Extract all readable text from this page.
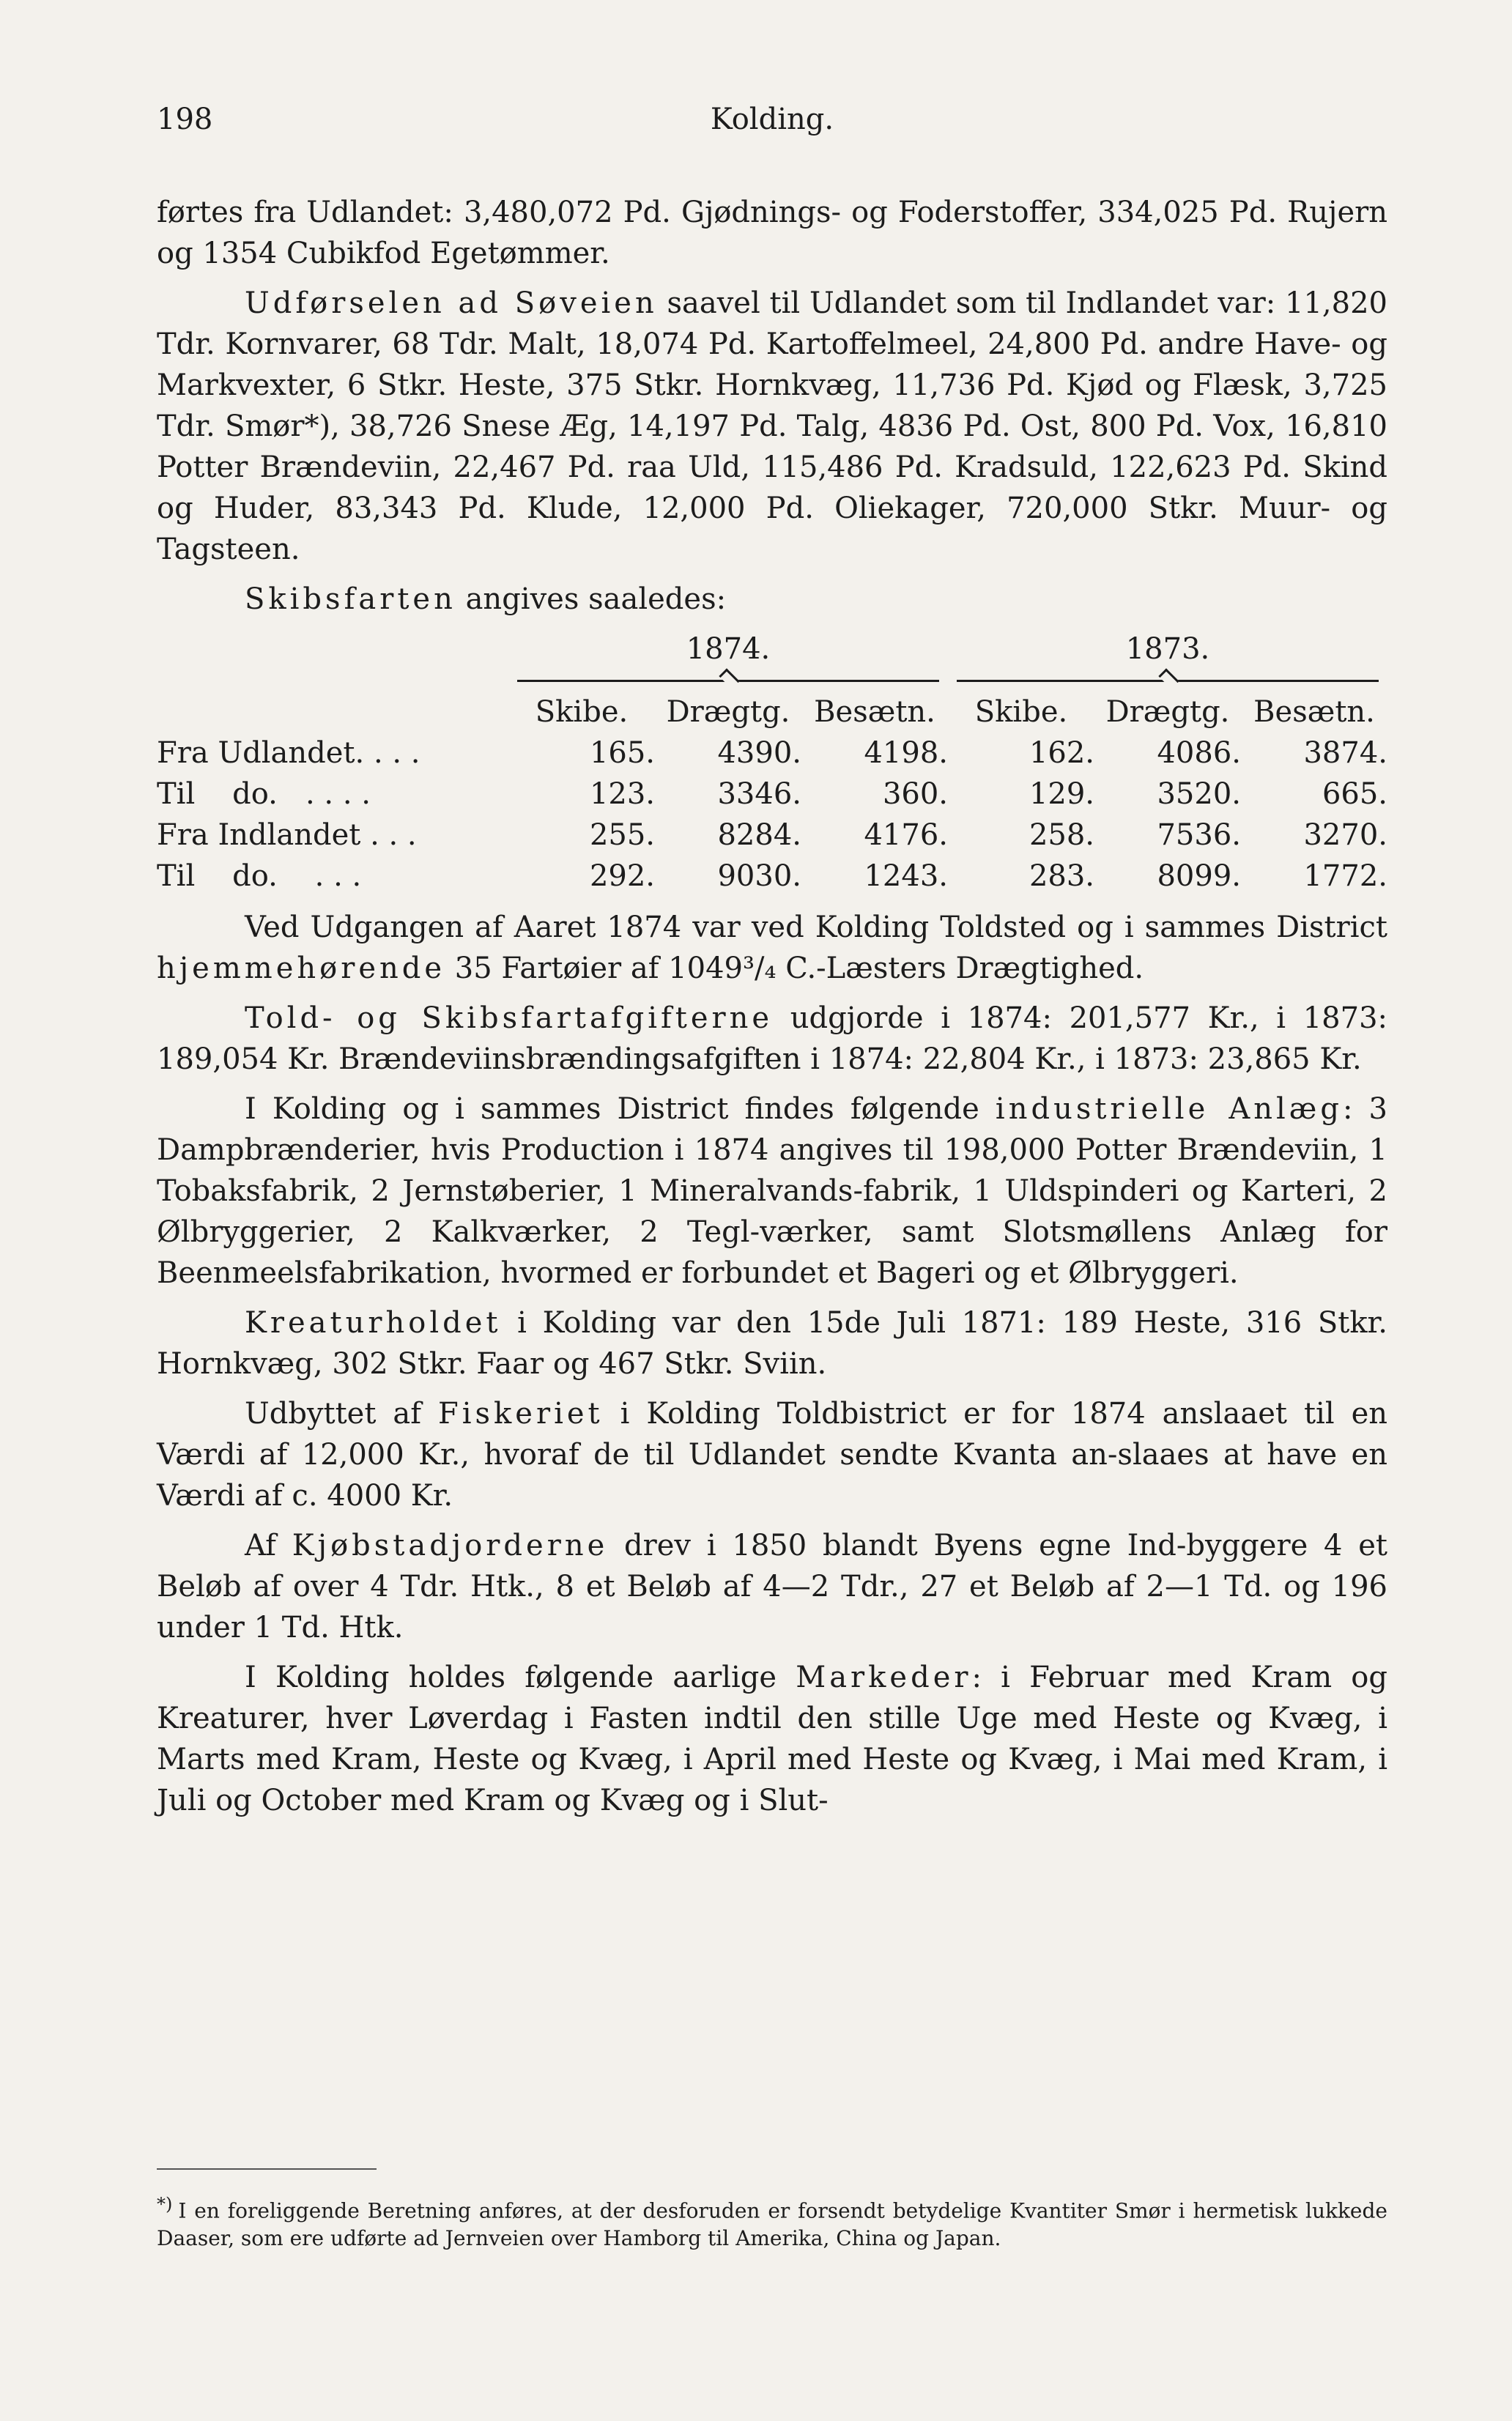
198	Kolding.

førtes fra Udlandet: 3,480,072 Pd. Gjødnings- og Foderstoffer, 334,025 Pd. Rujern og 1354 Cubikfod Egetømmer.

Udførselen ad Søveien saavel til Udlandet som til Indlandet var: 11,820 Tdr. Kornvarer, 68 Tdr. Malt, 18,074 Pd. Kartoffelmeel, 24,800 Pd. andre Have- og Markvexter, 6 Stkr. Heste, 375 Stkr. Hornkvæg, 11,736 Pd. Kjød og Flæsk, 3,725 Tdr. Smør*), 38,726 Snese Æg, 14,197 Pd. Talg, 4836 Pd. Ost, 800 Pd. Vox, 16,810 Potter Brændeviin, 22,467 Pd. raa Uld, 115,486 Pd. Kradsuld, 122,623 Pd. Skind og Huder, 83,343 Pd. Klude, 12,000 Pd. Oliekager, 720,000 Stkr. Muur- og Tagsteen.

Skibsfarten angives saaledes:

1874.	1873.
	Skibe.	Drægtg.	Besætn.	Skibe.	Drægtg.	Besætn.
Fra Udlandet. . . .	165.	4390.	4198.	162.	4086.	3874.
Til    do.   . . . .	123.	3346.	360.	129.	3520.	665.
Fra Indlandet . . .	255.	8284.	4176.	258.	7536.	3270.
Til    do.    . . .	292.	9030.	1243.	283.	8099.	1772.

Ved Udgangen af Aaret 1874 var ved Kolding Toldsted og i sammes District hjemmehørende 35 Fartøier af 1049³/₄ C.-Læsters Drægtighed.

Told- og Skibsfartafgifterne udgjorde i 1874: 201,577 Kr., i 1873: 189,054 Kr. Brændeviinsbrændingsafgiften i 1874: 22,804 Kr., i 1873: 23,865 Kr.

I Kolding og i sammes District findes følgende industrielle Anlæg: 3 Dampbrænderier, hvis Production i 1874 angives til 198,000 Potter Brændeviin, 1 Tobaksfabrik, 2 Jernstøberier, 1 Mineralvands-fabrik, 1 Uldspinderi og Karteri, 2 Ølbryggerier, 2 Kalkværker, 2 Tegl-værker, samt Slotsmøllens Anlæg for Beenmeelsfabrikation, hvormed er forbundet et Bageri og et Ølbryggeri.

Kreaturholdet i Kolding var den 15de Juli 1871: 189 Heste, 316 Stkr. Hornkvæg, 302 Stkr. Faar og 467 Stkr. Sviin.

Udbyttet af Fiskeriet i Kolding Toldbistrict er for 1874 anslaaet til en Værdi af 12,000 Kr., hvoraf de til Udlandet sendte Kvanta an-slaaes at have en Værdi af c. 4000 Kr.

Af Kjøbstadjorderne drev i 1850 blandt Byens egne Ind-byggere 4 et Beløb af over 4 Tdr. Htk., 8 et Beløb af 4—2 Tdr., 27 et Beløb af 2—1 Td. og 196 under 1 Td. Htk.

I Kolding holdes følgende aarlige Markeder: i Februar med Kram og Kreaturer, hver Løverdag i Fasten indtil den stille Uge med Heste og Kvæg, i Marts med Kram, Heste og Kvæg, i April med Heste og Kvæg, i Mai med Kram, i Juli og October med Kram og Kvæg og i Slut-

*) I en foreliggende Beretning anføres, at der desforuden er forsendt betydelige Kvantiter Smør i hermetisk lukkede Daaser, som ere udførte ad Jernveien over Hamborg til Amerika, China og Japan.
